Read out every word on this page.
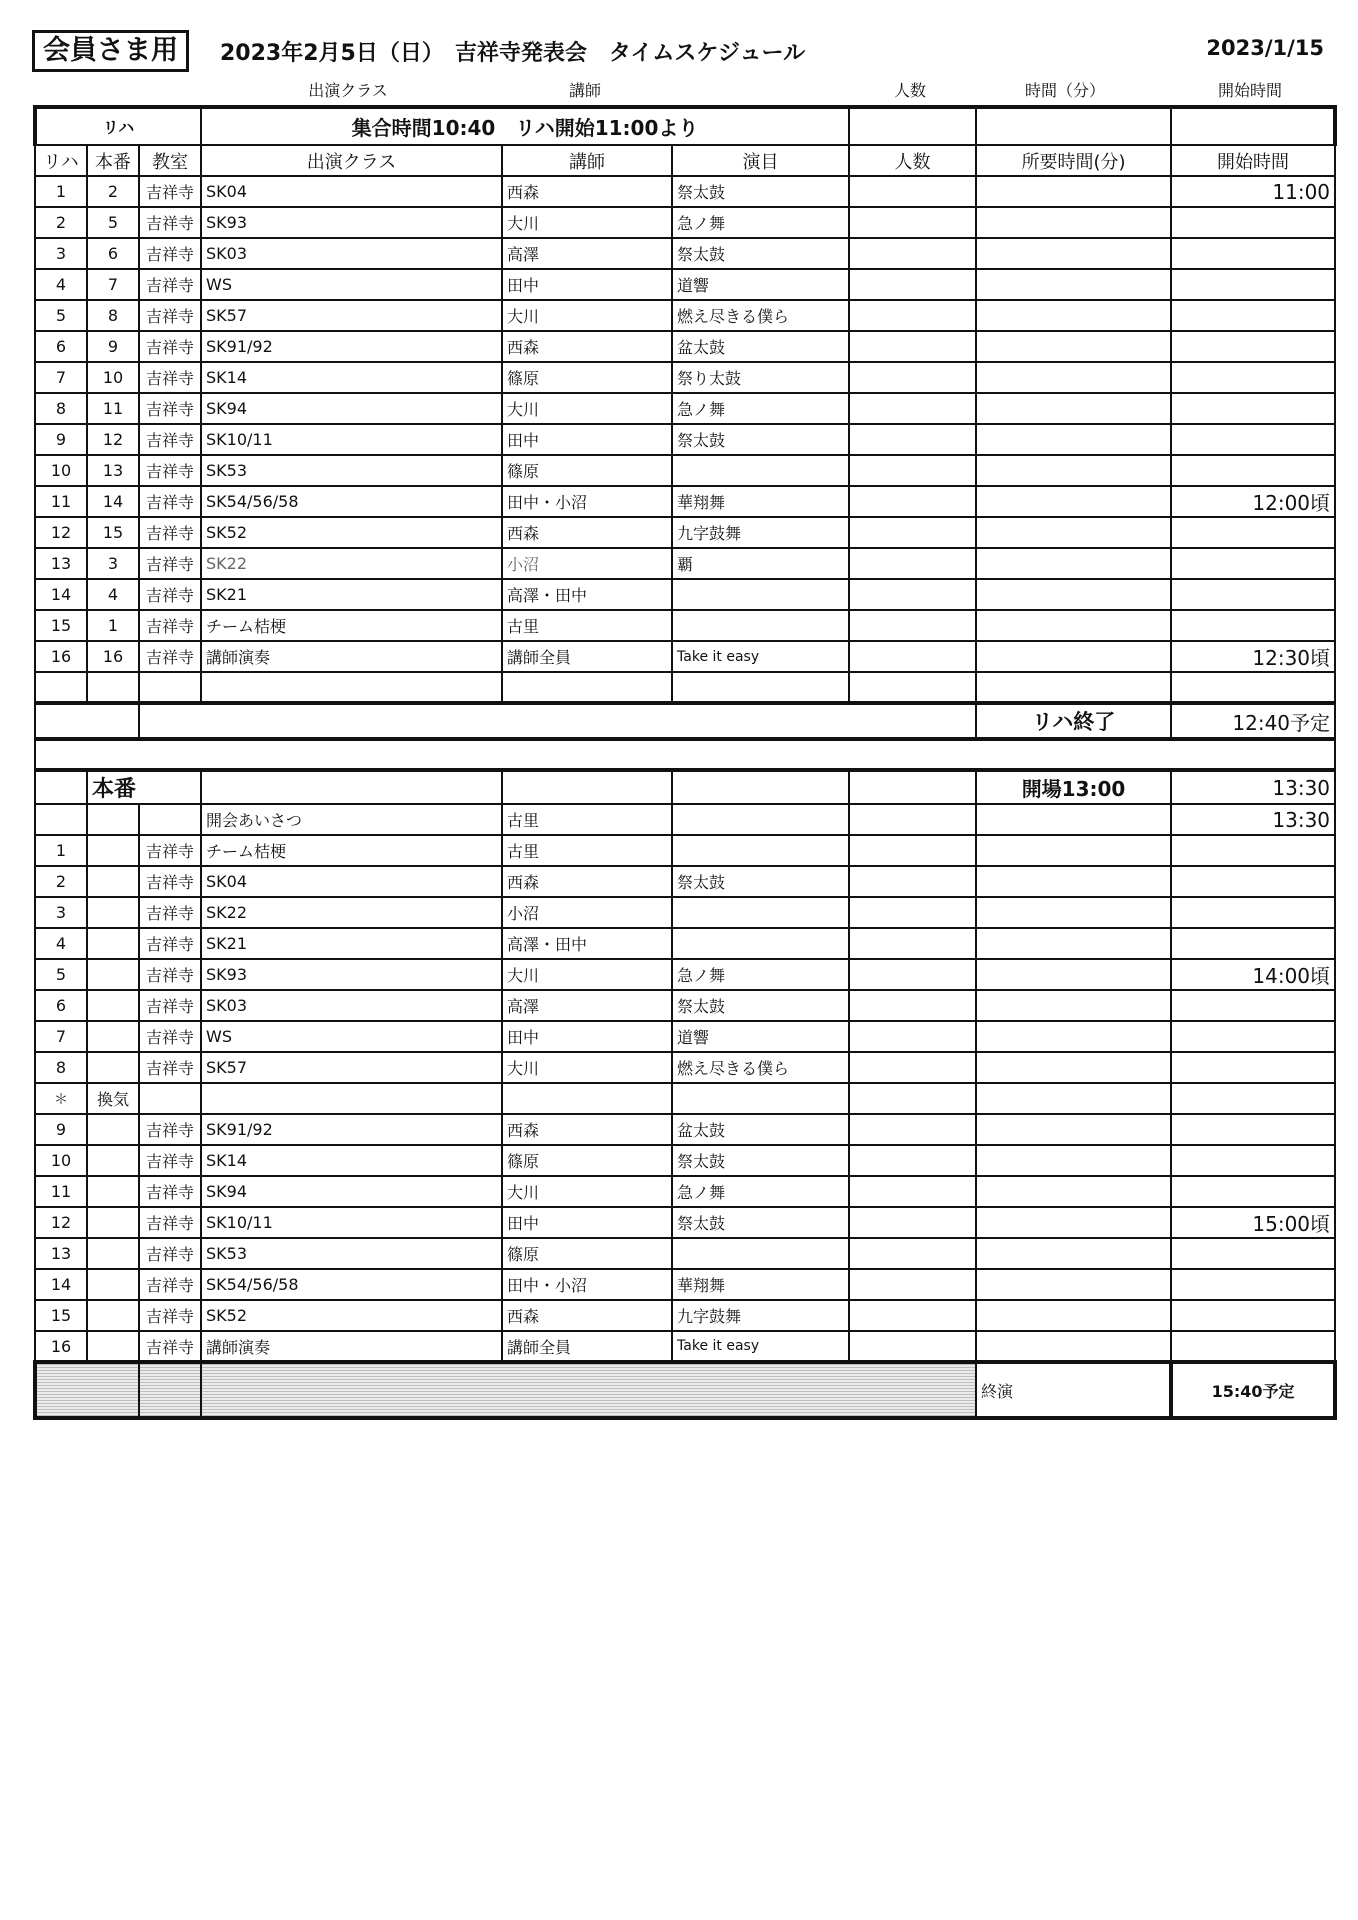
会員さま用	2023年2月5日（日）　吉祥寺発表会　タイムスケジュール	2023/1/15
出演クラス	講師	人数	時間（分）	開始時間
リハ			集合時間10:40　リハ開始11:00より					
リハ	本番	教室	出演クラス	講師	演目	人数	所要時間(分)	開始時間
1	2	吉祥寺	SK04	西森	祭太鼓			11:00
2	5	吉祥寺	SK93	大川	急ノ舞			
3	6	吉祥寺	SK03	高澤	祭太鼓			
4	7	吉祥寺	WS	田中	道響			
5	8	吉祥寺	SK57	大川	燃え尽きる僕ら			
6	9	吉祥寺	SK91/92	西森	盆太鼓			
7	10	吉祥寺	SK14	篠原	祭り太鼓			
8	11	吉祥寺	SK94	大川	急ノ舞			
9	12	吉祥寺	SK10/11	田中	祭太鼓			
10	13	吉祥寺	SK53	篠原				
11	14	吉祥寺	SK54/56/58	田中・小沼	華翔舞			12:00頃
12	15	吉祥寺	SK52	西森	九字鼓舞			
13	3	吉祥寺	SK22	小沼	覇			
14	4	吉祥寺	SK21	高澤・田中				
15	1	吉祥寺	チーム桔梗	古里				
16	16	吉祥寺	講師演奏	講師全員	Take it easy			12:30頃

							リハ終了	12:40予定

	本番						開場13:00	13:30
			開会あいさつ	古里				13:30
1		吉祥寺	チーム桔梗	古里				
2		吉祥寺	SK04	西森	祭太鼓			
3		吉祥寺	SK22	小沼				
4		吉祥寺	SK21	高澤・田中				
5		吉祥寺	SK93	大川	急ノ舞			14:00頃
6		吉祥寺	SK03	高澤	祭太鼓			
7		吉祥寺	WS	田中	道響			
8		吉祥寺	SK57	大川	燃え尽きる僕ら			
＊	換気							
9		吉祥寺	SK91/92	西森	盆太鼓			
10		吉祥寺	SK14	篠原	祭太鼓			
11		吉祥寺	SK94	大川	急ノ舞			
12		吉祥寺	SK10/11	田中	祭太鼓			15:00頃
13		吉祥寺	SK53	篠原				
14		吉祥寺	SK54/56/58	田中・小沼	華翔舞			
15		吉祥寺	SK52	西森	九字鼓舞			
16		吉祥寺	講師演奏	講師全員	Take it easy			
							終演	15:40予定
